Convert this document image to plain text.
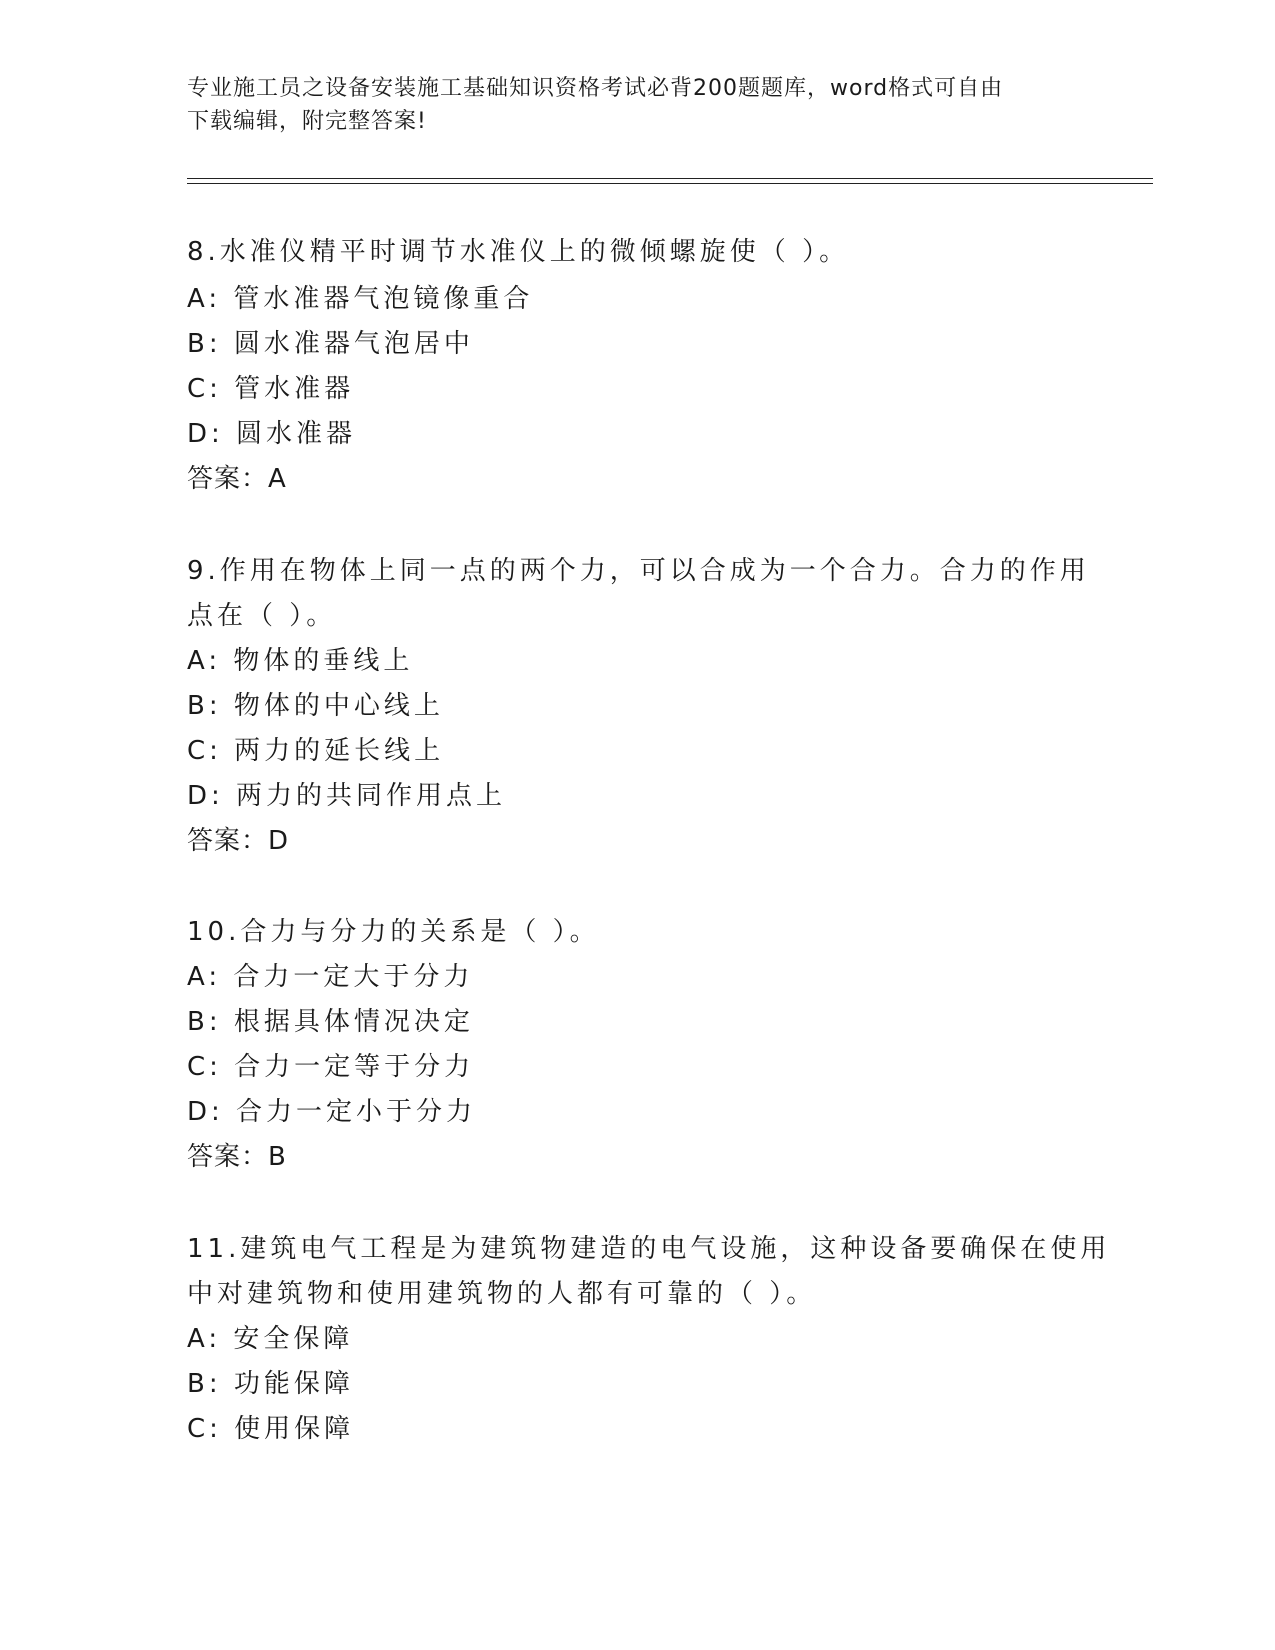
专业施工员之设备安装施工基础知识资格考试必背200题题库，word格式可自由
下载编辑，附完整答案!
8.水准仪精平时调节水准仪上的微倾螺旋使（ ）。
A: 管水准器气泡镜像重合
B: 圆水准器气泡居中
C: 管水准器
D: 圆水准器
答案：A
9.作用在物体上同一点的两个力，可以合成为一个合力。合力的作用
点在（ ）。
A: 物体的垂线上
B: 物体的中心线上
C: 两力的延长线上
D: 两力的共同作用点上
答案：D
10.合力与分力的关系是（ ）。
A: 合力一定大于分力
B: 根据具体情况决定
C: 合力一定等于分力
D: 合力一定小于分力
答案：B
11.建筑电气工程是为建筑物建造的电气设施，这种设备要确保在使用
中对建筑物和使用建筑物的人都有可靠的（ ）。
A: 安全保障
B: 功能保障
C: 使用保障
